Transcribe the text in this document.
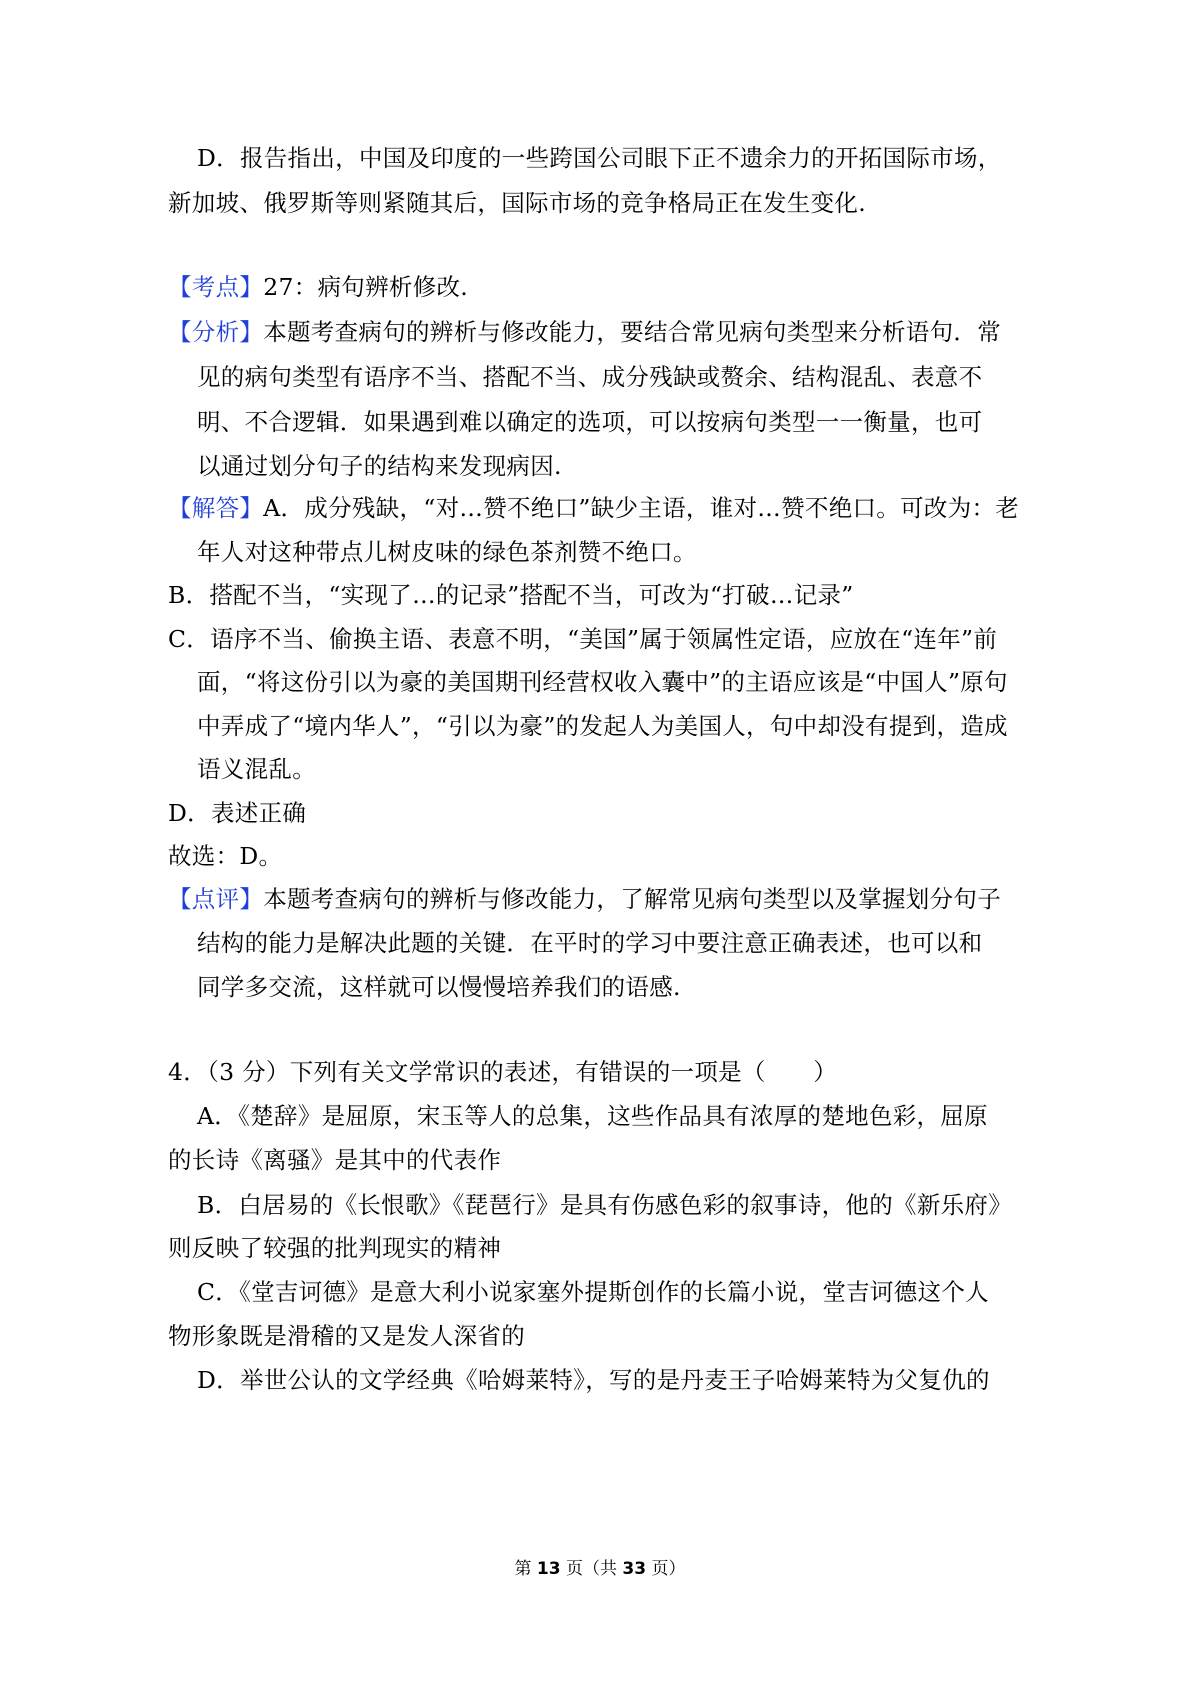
D．报告指出，中国及印度的一些跨国公司眼下正不遗余力的开拓国际市场，
新加坡、俄罗斯等则紧随其后，国际市场的竞争格局正在发生变化.
【考点】27：病句辨析修改.
【分析】本题考查病句的辨析与修改能力，要结合常见病句类型来分析语句．常
见的病句类型有语序不当、搭配不当、成分残缺或赘余、结构混乱、表意不
明、不合逻辑．如果遇到难以确定的选项，可以按病句类型一一衡量，也可
以通过划分句子的结构来发现病因.
【解答】A．成分残缺，“对…赞不绝口”缺少主语，谁对…赞不绝口。可改为：老
年人对这种带点儿树皮味的绿色茶剂赞不绝口。
B．搭配不当，“实现了…的记录”搭配不当，可改为“打破…记录”
C．语序不当、偷换主语、表意不明，“美国”属于领属性定语，应放在“连年”前
面，“将这份引以为豪的美国期刊经营权收入囊中”的主语应该是“中国人”原句
中弄成了“境内华人”，“引以为豪”的发起人为美国人，句中却没有提到，造成
语义混乱。
D．表述正确
故选：D。
【点评】本题考查病句的辨析与修改能力，了解常见病句类型以及掌握划分句子
结构的能力是解决此题的关键．在平时的学习中要注意正确表述，也可以和
同学多交流，这样就可以慢慢培养我们的语感.
4．（3 分）下列有关文学常识的表述，有错误的一项是（　　）
A．《楚辞》是屈原，宋玉等人的总集，这些作品具有浓厚的楚地色彩，屈原
的长诗《离骚》是其中的代表作
B．白居易的《长恨歌》《琵琶行》是具有伤感色彩的叙事诗，他的《新乐府》
则反映了较强的批判现实的精神
C．《堂吉诃德》是意大利小说家塞外提斯创作的长篇小说，堂吉诃德这个人
物形象既是滑稽的又是发人深省的
D．举世公认的文学经典《哈姆莱特》，写的是丹麦王子哈姆莱特为父复仇的
第 13 页（共 33 页）
